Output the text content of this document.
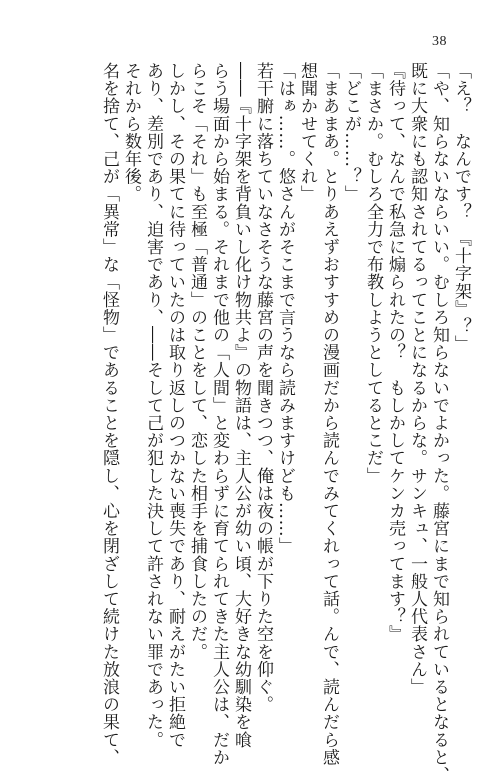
38
「え？　なんです？　『十字架』？」
「や、知らないならいい。むしろ知らないでよかった。藤宮にまで知られているとなると、
既に大衆にも認知されてるってことになるからな。サンキュ、一般人代表さん」
『待って、なんで私急に煽られたの？　もしかしてケンカ売ってます？』
「まさか。むしろ全力で布教しようとしてるとこだ」
「どこが……？」
「まあまあ。とりあえずおすすめの漫画だから読んでみてくれって話。んで、読んだら感
想聞かせてくれ」
「はぁ……。悠さんがそこまで言うなら読みますけども……」
若干腑に落ちていなさそうな藤宮の声を聞きつつ、俺は夜の帳が下りた空を仰ぐ。
――『十字架を背負いし化け物共よ』の物語は、主人公が幼い頃、大好きな幼馴染を喰
らう場面から始まる。それまで他の「人間」と変わらずに育てられてきた主人公は、だか
らこそ「それ」も至極「普通」のことをして、恋した相手を捕食したのだ。
しかし、その果てに待っていたのは取り返しのつかない喪失であり、耐えがたい拒絶で
あり、差別であり、迫害であり、――そして己が犯した決して許されない罪であった。
それから数年後。
名を捨て、己が「異常」な「怪物」であることを隠し、心を閉ざして続けた放浪の果て、
